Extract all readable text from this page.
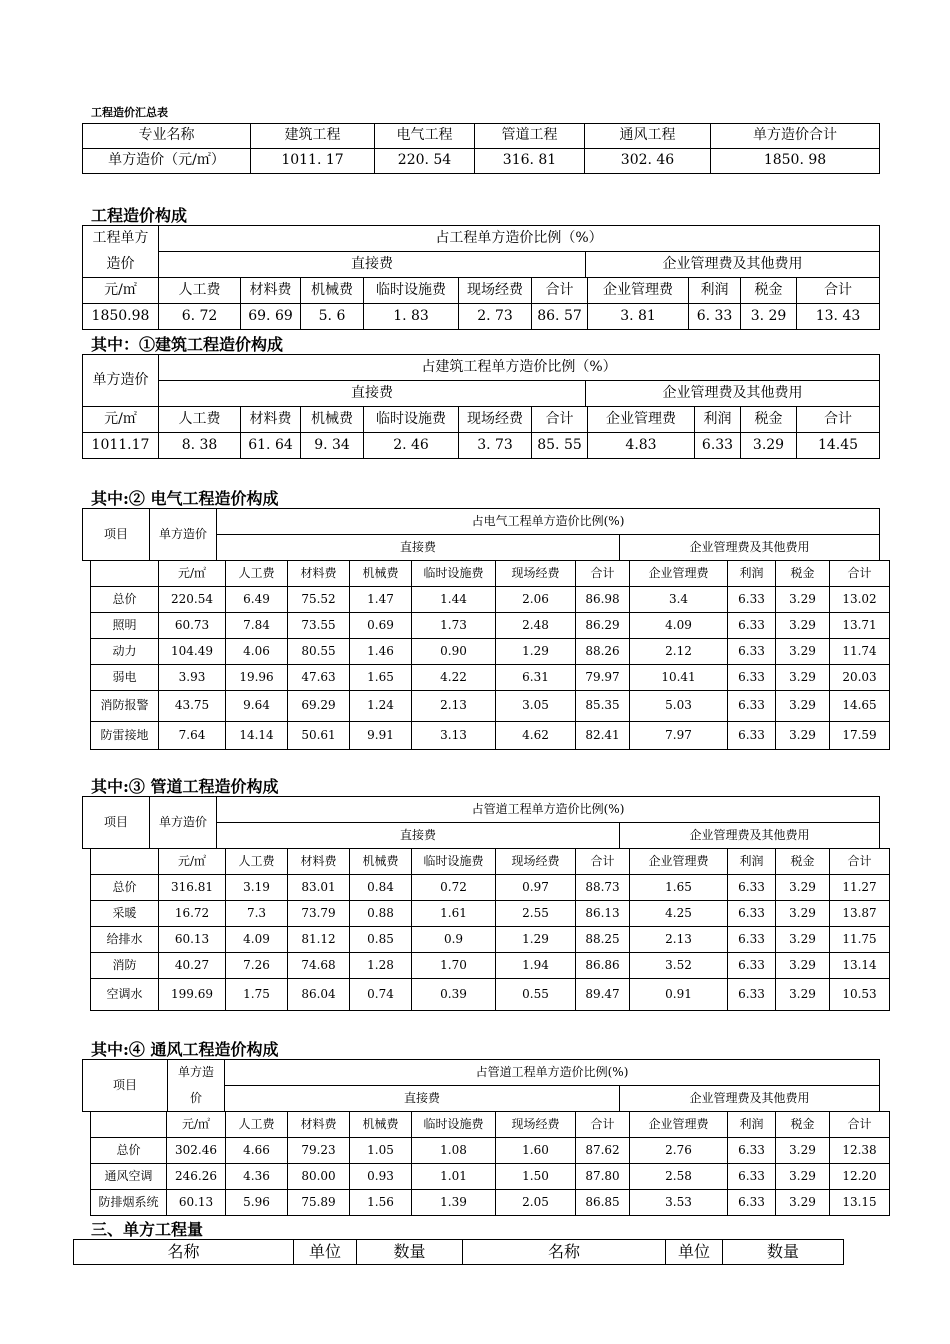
工程造价汇总表
专业名称	建筑工程	电气工程	管道工程	通风工程	单方造价合计
单方造价（元/㎡）	1011. 17	220. 54	316. 81	302. 46	1850. 98
工程造价构成
工程单方	占工程单方造价比例（%）	
造价	直接费	企业管理费及其他费用
元/㎡	人工费	材料费	机械费	临时设施费	现场经费	合计	企业管理费	利润	税金	合计
1850.98	6. 72	69. 69	5. 6	1. 83	2. 73	86. 57	3. 81	6. 33	3. 29	13. 43
其中：①建筑工程造价构成
单方造价	占建筑工程单方造价比例（%）	
	直接费	企业管理费及其他费用
元/㎡	人工费	材料费	机械费	临时设施费	现场经费	合计	企业管理费	利润	税金	合计
1011.17	8. 38	61. 64	9. 34	2. 46	3. 73	85. 55	4.83	6.33	3.29	14.45
其中:② 电气工程造价构成
项目	单方造价	占电气工程单方造价比例(%)	
		直接费	企业管理费及其他费用
	元/㎡	人工费	材料费	机械费	临时设施费	现场经费	合计	企业管理费	利润	税金	合计
总价	220.54	6.49	75.52	1.47	1.44	2.06	86.98	3.4	6.33	3.29	13.02
照明	60.73	7.84	73.55	0.69	1.73	2.48	86.29	4.09	6.33	3.29	13.71
动力	104.49	4.06	80.55	1.46	0.90	1.29	88.26	2.12	6.33	3.29	11.74
弱电	3.93	19.96	47.63	1.65	4.22	6.31	79.97	10.41	6.33	3.29	20.03
消防报警	43.75	9.64	69.29	1.24	2.13	3.05	85.35	5.03	6.33	3.29	14.65
防雷接地	7.64	14.14	50.61	9.91	3.13	4.62	82.41	7.97	6.33	3.29	17.59
其中:③ 管道工程造价构成
项目	单方造价	占管道工程单方造价比例(%)	
		直接费	企业管理费及其他费用
	元/㎡	人工费	材料费	机械费	临时设施费	现场经费	合计	企业管理费	利润	税金	合计
总价	316.81	3.19	83.01	0.84	0.72	0.97	88.73	1.65	6.33	3.29	11.27
采暖	16.72	7.3	73.79	0.88	1.61	2.55	86.13	4.25	6.33	3.29	13.87
给排水	60.13	4.09	81.12	0.85	0.9	1.29	88.25	2.13	6.33	3.29	11.75
消防	40.27	7.26	74.68	1.28	1.70	1.94	86.86	3.52	6.33	3.29	13.14
空调水	199.69	1.75	86.04	0.74	0.39	0.55	89.47	0.91	6.33	3.29	10.53
其中:④ 通风工程造价构成
项目	单方造	占管道工程单方造价比例(%)	
	价	直接费	企业管理费及其他费用
	元/㎡	人工费	材料费	机械费	临时设施费	现场经费	合计	企业管理费	利润	税金	合计
总价	302.46	4.66	79.23	1.05	1.08	1.60	87.62	2.76	6.33	3.29	12.38
通风空调	246.26	4.36	80.00	0.93	1.01	1.50	87.80	2.58	6.33	3.29	12.20
防排烟系统	60.13	5.96	75.89	1.56	1.39	2.05	86.85	3.53	6.33	3.29	13.15
三、单方工程量
名称	单位	数量	名称	单位	数量
